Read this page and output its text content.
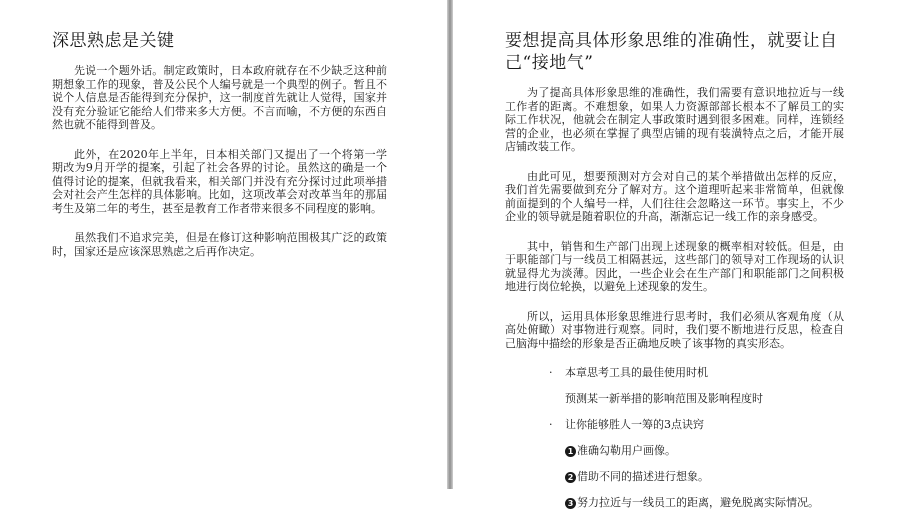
深思熟虑是关键

先说一个题外话。制定政策时，日本政府就存在不少缺乏这种前期想象工作的现象，普及公民个人编号就是一个典型的例子。暂且不说个人信息是否能得到充分保护，这一制度首先就让人觉得，国家并没有充分验证它能给人们带来多大方便。不言而喻，不方便的东西自然也就不能得到普及。

此外，在2020年上半年，日本相关部门又提出了一个将第一学期改为9月开学的提案，引起了社会各界的讨论。虽然这的确是一个值得讨论的提案，但就我看来，相关部门并没有充分探讨过此项举措会对社会产生怎样的具体影响。比如，这项改革会对改革当年的那届考生及第二年的考生，甚至是教育工作者带来很多不同程度的影响。

虽然我们不追求完美，但是在修订这种影响范围极其广泛的政策时，国家还是应该深思熟虑之后再作决定。

要想提高具体形象思维的准确性，就要让自己“接地气”

为了提高具体形象思维的准确性，我们需要有意识地拉近与一线工作者的距离。不难想象，如果人力资源部部长根本不了解员工的实际工作状况，他就会在制定人事政策时遇到很多困难。同样，连锁经营的企业，也必须在掌握了典型店铺的现有装潢特点之后，才能开展店铺改装工作。

由此可见，想要预测对方会对自己的某个举措做出怎样的反应，我们首先需要做到充分了解对方。这个道理听起来非常简单，但就像前面提到的个人编号一样，人们往往会忽略这一环节。事实上，不少企业的领导就是随着职位的升高，渐渐忘记一线工作的亲身感受。

其中，销售和生产部门出现上述现象的概率相对较低。但是，由于职能部门与一线员工相隔甚远，这些部门的领导对工作现场的认识就显得尤为淡薄。因此，一些企业会在生产部门和职能部门之间积极地进行岗位轮换，以避免上述现象的发生。

所以，运用具体形象思维进行思考时，我们必须从客观角度（从高处俯瞰）对事物进行观察。同时，我们要不断地进行反思，检查自己脑海中描绘的形象是否正确地反映了该事物的真实形态。

·	本章思考工具的最佳使用时机
预测某一新举措的影响范围及影响程度时
·	让你能够胜人一筹的3点诀窍
1 准确勾勒用户画像。
2 借助不同的描述进行想象。
3 努力拉近与一线员工的距离，避免脱离实际情况。
